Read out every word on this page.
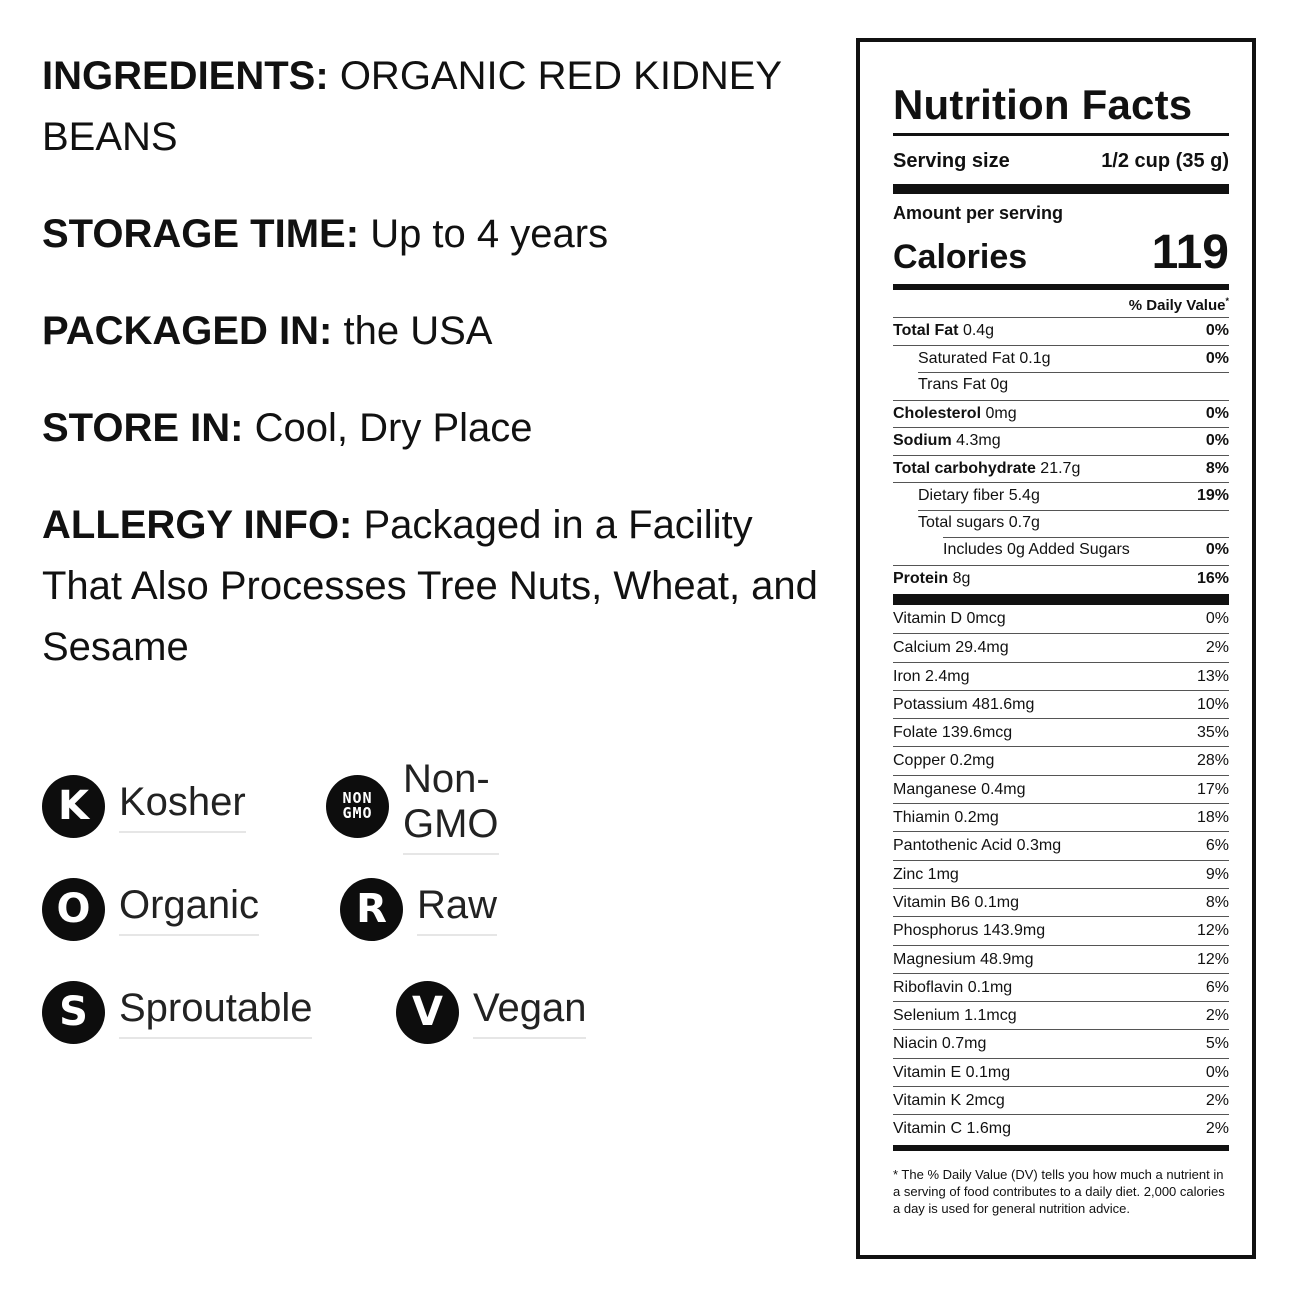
INGREDIENTS: ORGANIC RED KIDNEY BEANS

STORAGE TIME: Up to 4 years

PACKAGED IN: the USA

STORE IN: Cool, Dry Place

ALLERGY INFO: Packaged in a Facility That Also Processes Tree Nuts, Wheat, and Sesame

K Kosher	NON
GMO
Non-GMO
O Organic	R Raw
S Sproutable	V Vegan
Nutrition Facts
Serving size	1/2 cup (35 g)
Amount per serving
Calories	119
% Daily Value*
Total Fat 0.4g	0%
Saturated Fat 0.1g	0%
Trans Fat 0g
Cholesterol 0mg	0%
Sodium 4.3mg	0%
Total carbohydrate 21.7g	8%
Dietary fiber 5.4g	19%
Total sugars 0.7g
Includes 0g Added Sugars	0%
Protein 8g	16%
Vitamin D 0mcg	0%
Calcium 29.4mg	2%
Iron 2.4mg	13%
Potassium 481.6mg	10%
Folate 139.6mcg	35%
Copper 0.2mg	28%
Manganese 0.4mg	17%
Thiamin 0.2mg	18%
Pantothenic Acid 0.3mg	6%
Zinc 1mg	9%
Vitamin B6 0.1mg	8%
Phosphorus 143.9mg	12%
Magnesium 48.9mg	12%
Riboflavin 0.1mg	6%
Selenium 1.1mcg	2%
Niacin 0.7mg	5%
Vitamin E 0.1mg	0%
Vitamin K 2mcg	2%
Vitamin C 1.6mg	2%
* The % Daily Value (DV) tells you how much a nutrient in a serving of food contributes to a daily diet. 2,000 calories a day is used for general nutrition advice.
